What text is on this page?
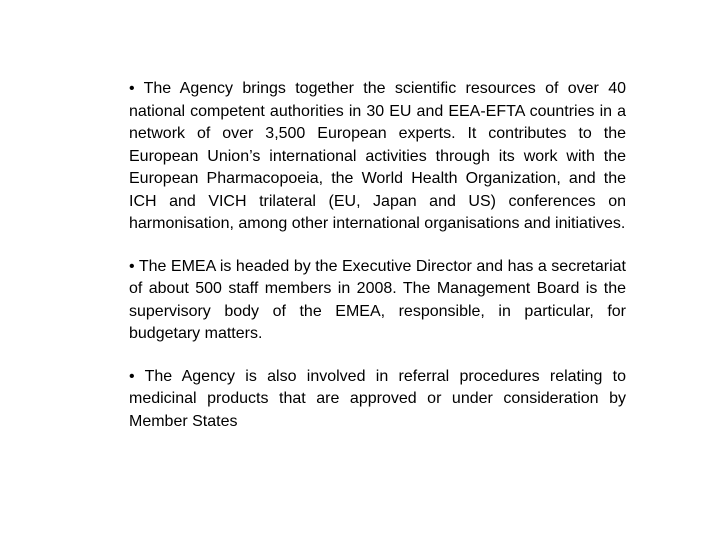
• The Agency brings together the scientific resources of over 40 national competent authorities in 30 EU and EEA-EFTA countries in a network of over 3,500 European experts. It contributes to the European Union’s international activities through its work with the European Pharmacopoeia, the World Health Organization, and the ICH and VICH trilateral (EU, Japan and US) conferences on harmonisation, among other international organisations and initiatives.

• The EMEA is headed by the Executive Director and has a secretariat of about 500 staff members in 2008. The Management Board is the supervisory body of the EMEA, responsible, in particular, for budgetary matters.

• The Agency is also involved in referral procedures relating to medicinal products that are approved or under consideration by Member States
